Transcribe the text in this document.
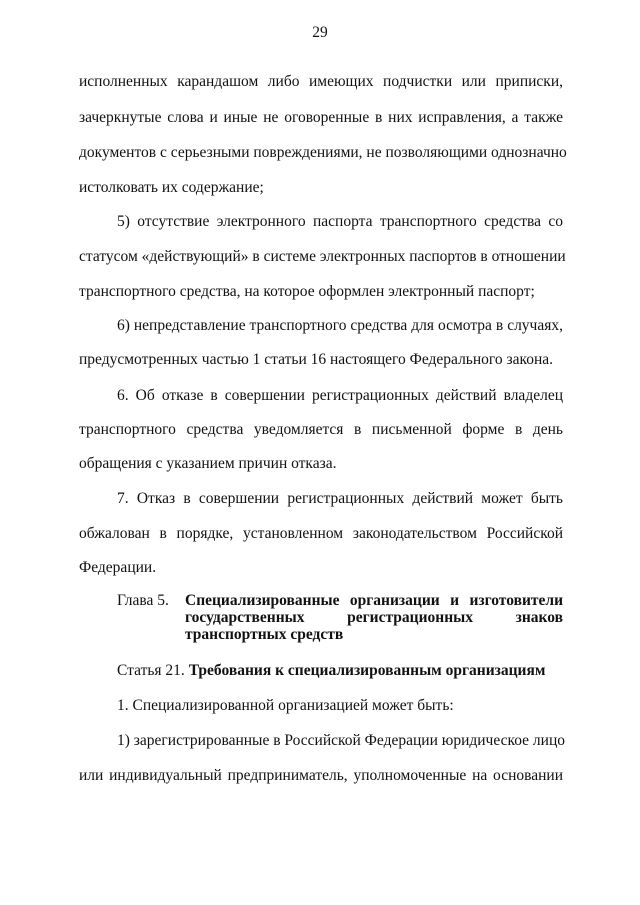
29
исполненных карандашом либо имеющих подчистки или приписки,
зачеркнутые слова и иные не оговоренные в них исправления, а также
документов с серьезными повреждениями, не позволяющими однозначно
истолковать их содержание;
5) отсутствие электронного паспорта транспортного средства со
статусом «действующий» в системе электронных паспортов в отношении
транспортного средства, на которое оформлен электронный паспорт;
6) непредставление транспортного средства для осмотра в случаях,
предусмотренных частью 1 статьи 16 настоящего Федерального закона.
6. Об отказе в совершении регистрационных действий владелец
транспортного средства уведомляется в письменной форме в день
обращения с указанием причин отказа.
7. Отказ в совершении регистрационных действий может быть
обжалован в порядке, установленном законодательством Российской
Федерации.
Глава 5. Специализированные организации и изготовители
государственных регистрационных знаков
транспортных средств
Статья 21. Требования к специализированным организациям
1. Специализированной организацией может быть:
1) зарегистрированные в Российской Федерации юридическое лицо
или индивидуальный предприниматель, уполномоченные на основании
